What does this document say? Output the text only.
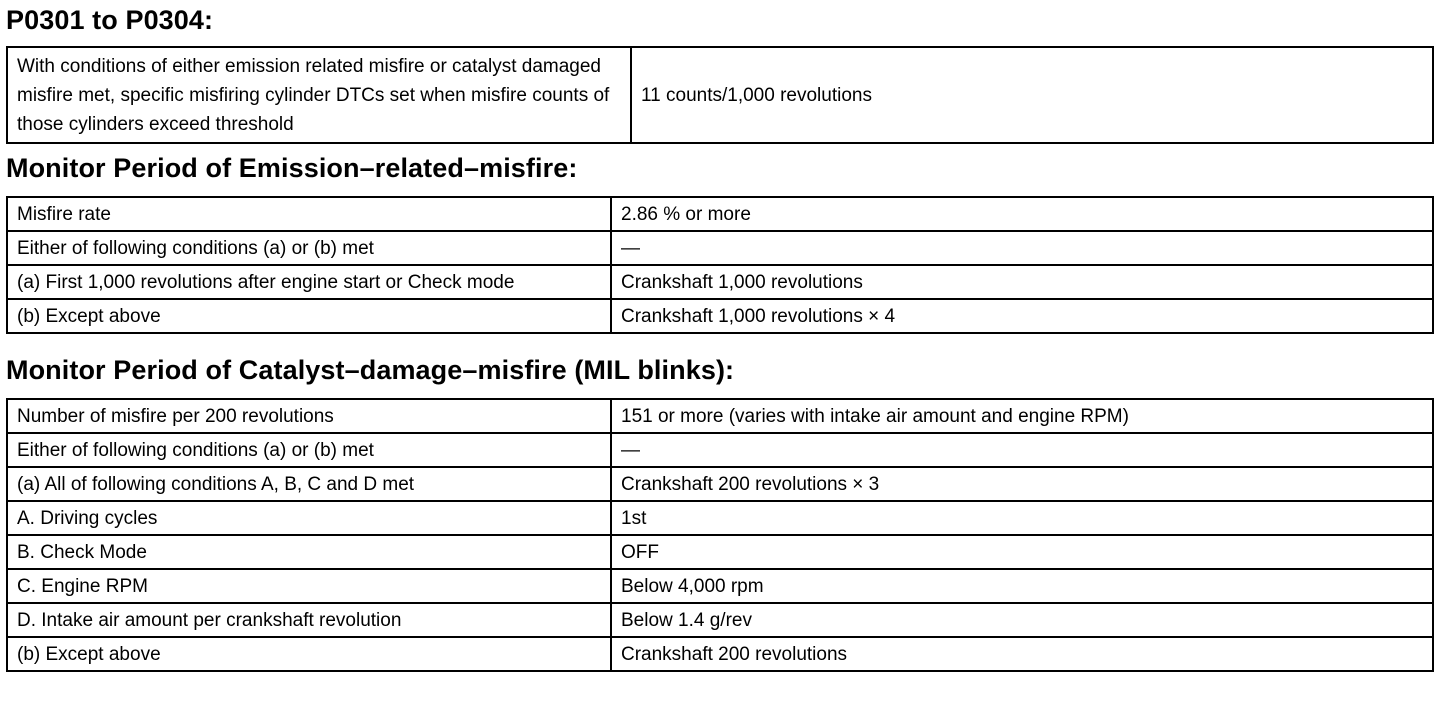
P0301 to P0304:
With conditions of either emission related misfire or catalyst damaged misfire met, specific misfiring cylinder DTCs set when misfire counts of those cylinders exceed threshold	11 counts/1,000 revolutions
Monitor Period of Emission–related–misfire:
Misfire rate	2.86 % or more
Either of following conditions (a) or (b) met	—
(a) First 1,000 revolutions after engine start or Check mode	Crankshaft 1,000 revolutions
(b) Except above	Crankshaft 1,000 revolutions × 4
Monitor Period of Catalyst–damage–misfire (MIL blinks):
Number of misfire per 200 revolutions	151 or more (varies with intake air amount and engine RPM)
Either of following conditions (a) or (b) met	—
(a) All of following conditions A, B, C and D met	Crankshaft 200 revolutions × 3
A. Driving cycles	1st
B. Check Mode	OFF
C. Engine RPM	Below 4,000 rpm
D. Intake air amount per crankshaft revolution	Below 1.4 g/rev
(b) Except above	Crankshaft 200 revolutions
